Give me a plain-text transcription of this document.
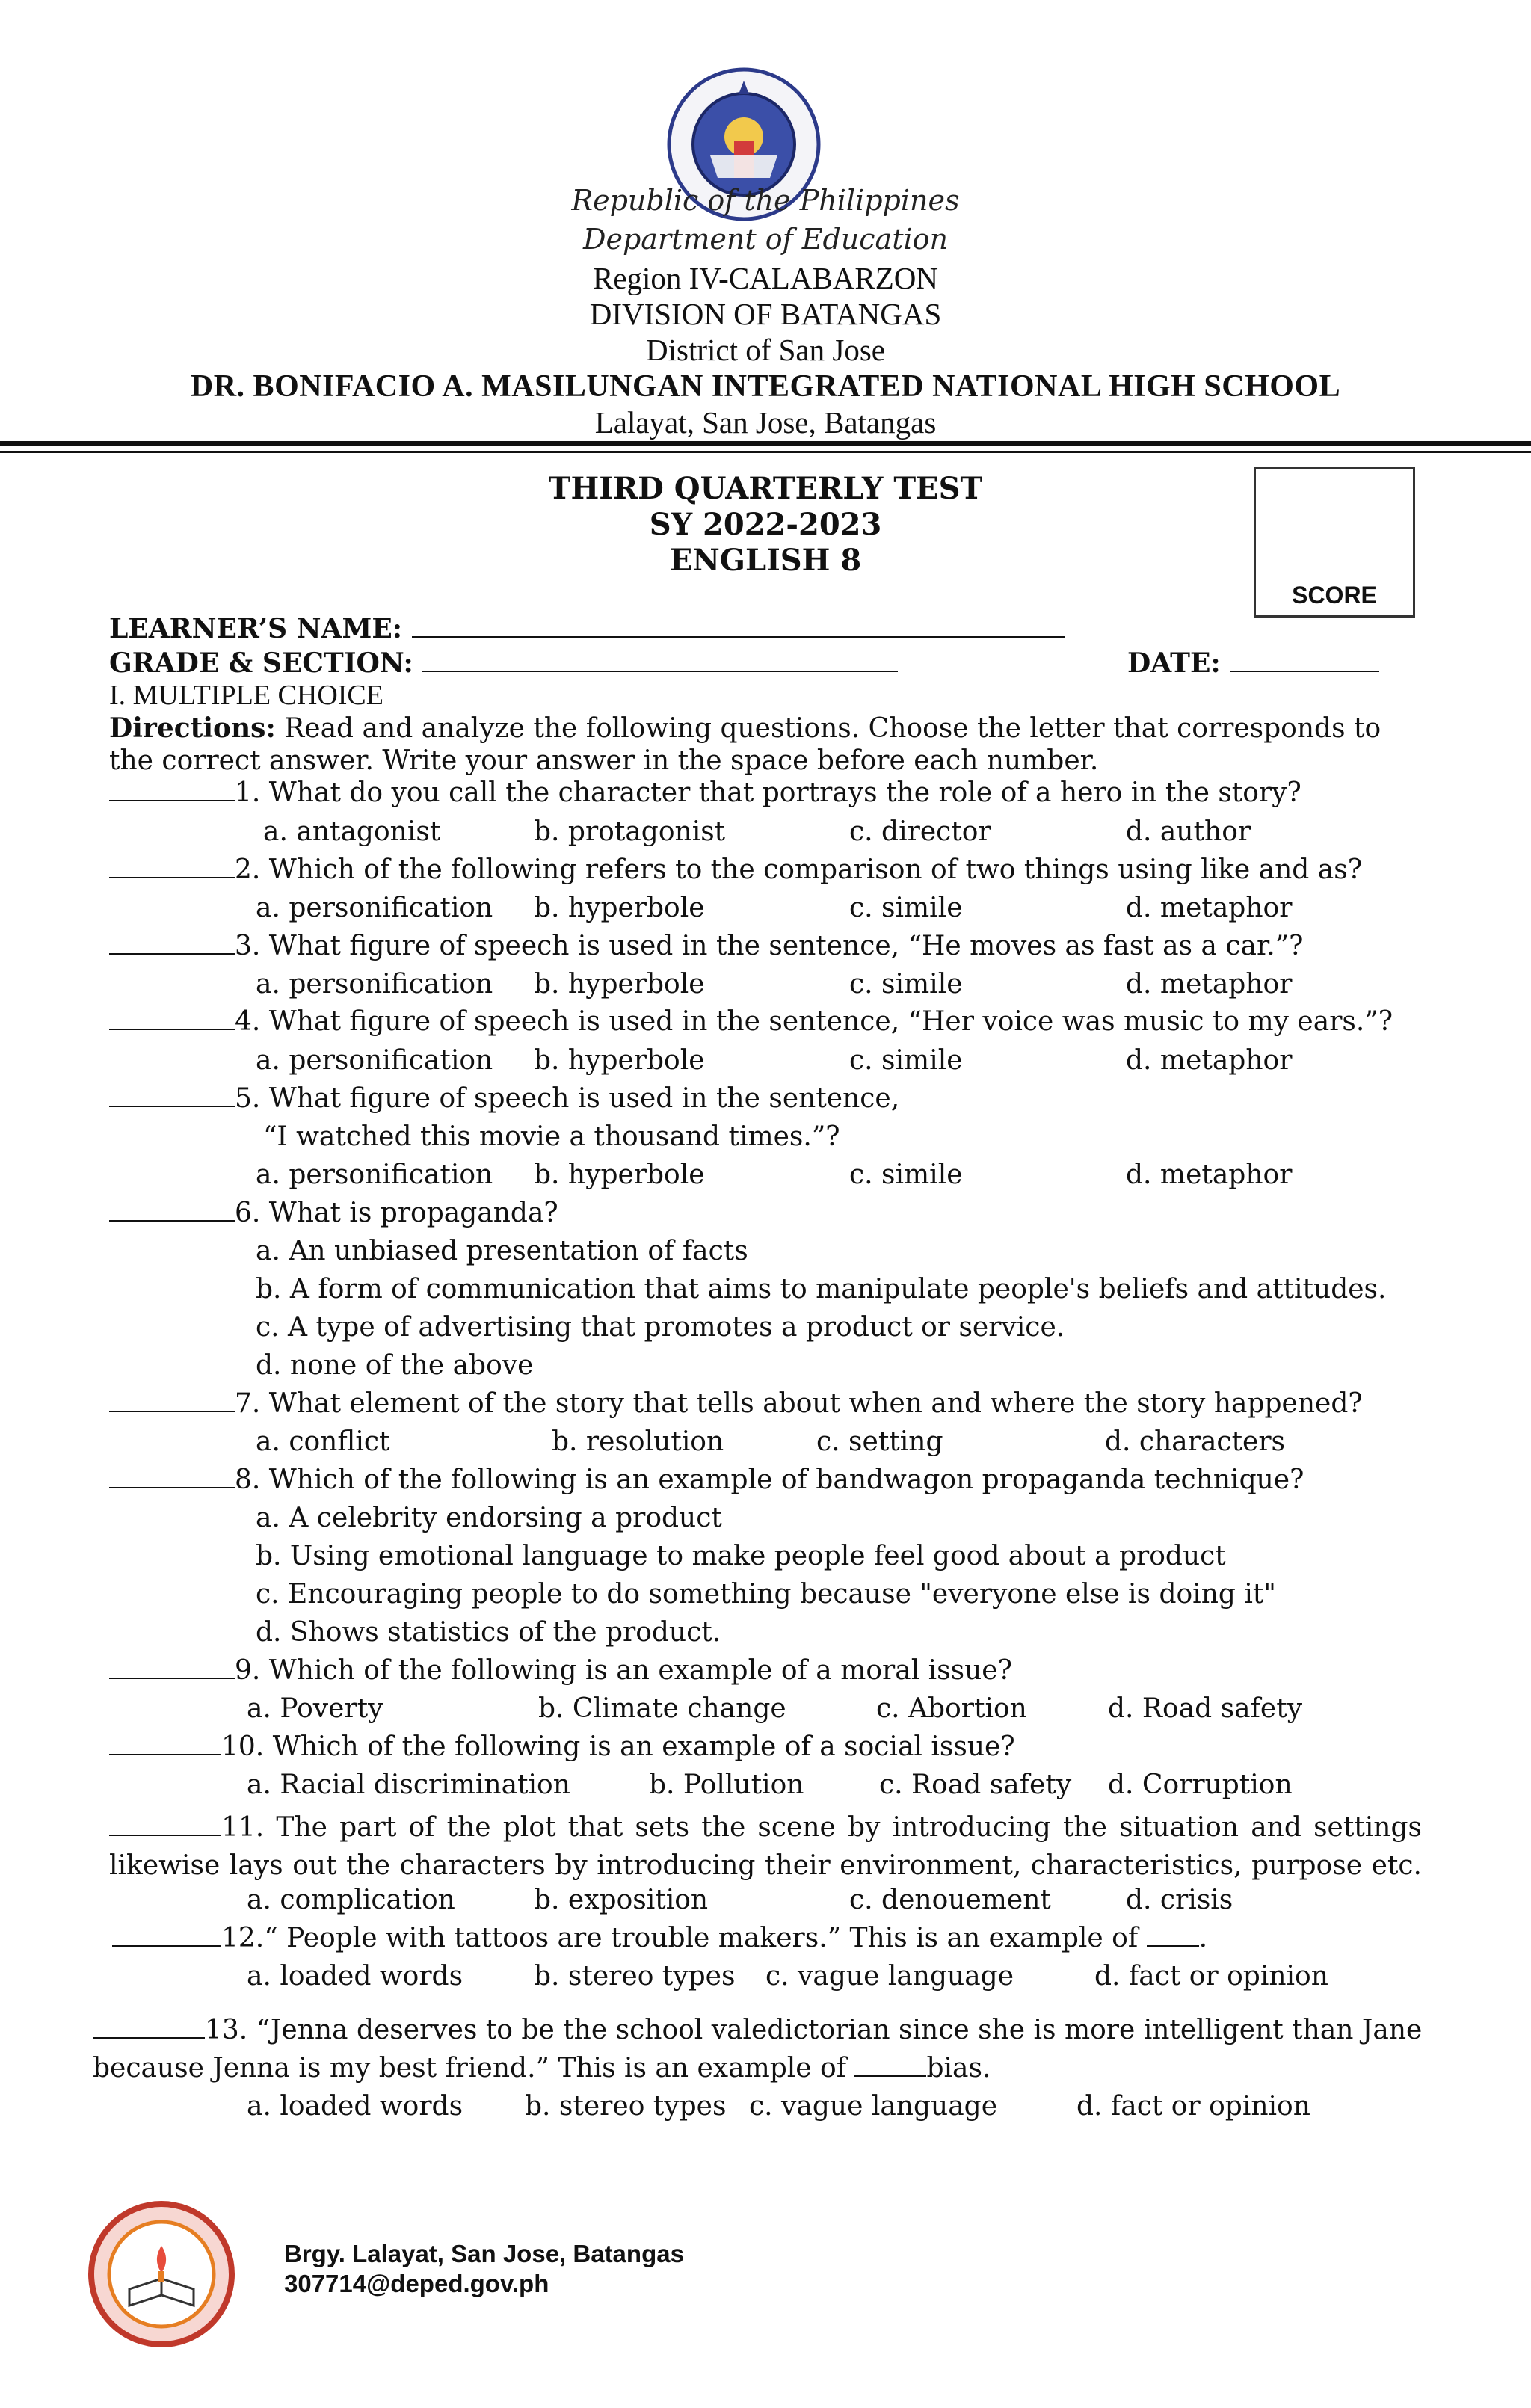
Republic of the Philippines
Department of Education
Region IV-CALABARZON
DIVISION OF BATANGAS
District of San Jose
DR. BONIFACIO A. MASILUNGAN INTEGRATED NATIONAL HIGH SCHOOL
Lalayat, San Jose, Batangas
THIRD QUARTERLY TEST
SY 2022-2023
ENGLISH 8
SCORE
LEARNER’S NAME:
GRADE & SECTION:	DATE:
I. MULTIPLE CHOICE
Directions: Read and analyze the following questions. Choose the letter that corresponds to
the correct answer. Write your answer in the space before each number.
1. What do you call the character that portrays the role of a hero in the story?
a. antagonist	b. protagonist	c. director	d. author
2. Which of the following refers to the comparison of two things using like and as?
a. personification b. hyperbole	c. simile	d. metaphor
3. What figure of speech is used in the sentence, “He moves as fast as a car.”?
a. personification b. hyperbole	c. simile	d. metaphor
4. What figure of speech is used in the sentence, “Her voice was music to my ears.”?
a. personification b. hyperbole	c. simile	d. metaphor
5. What figure of speech is used in the sentence,
“I watched this movie a thousand times.”?
a. personification b. hyperbole	c. simile	d. metaphor
6. What is propaganda?
a. An unbiased presentation of facts
b. A form of communication that aims to manipulate people's beliefs and attitudes.
c. A type of advertising that promotes a product or service.
d. none of the above
7. What element of the story that tells about when and where the story happened?
a. conflict	b. resolution	c. setting	d. characters
8. Which of the following is an example of bandwagon propaganda technique?
a. A celebrity endorsing a product
b. Using emotional language to make people feel good about a product
c. Encouraging people to do something because "everyone else is doing it"
d. Shows statistics of the product.
9. Which of the following is an example of a moral issue?
a. Poverty	b. Climate change	c. Abortion	d. Road safety
10. Which of the following is an example of a social issue?
a. Racial discrimination	b. Pollution	c. Road safety d. Corruption
11. The part of the plot that sets the scene by introducing the situation and settings
likewise lays out the characters by introducing their environment, characteristics, purpose etc.
a. complication	b. exposition	c. denouement	d. crisis
12.“ People with tattoos are trouble makers.” This is an example of .
a. loaded words	b. stereo types c. vague language	d. fact or opinion
13. “Jenna deserves to be the school valedictorian since she is more intelligent than Jane
because Jenna is my best friend.” This is an example of	bias.
a. loaded words b. stereo types c. vague language	d. fact or opinion
Brgy. Lalayat, San Jose, Batangas
307714@deped.gov.ph
